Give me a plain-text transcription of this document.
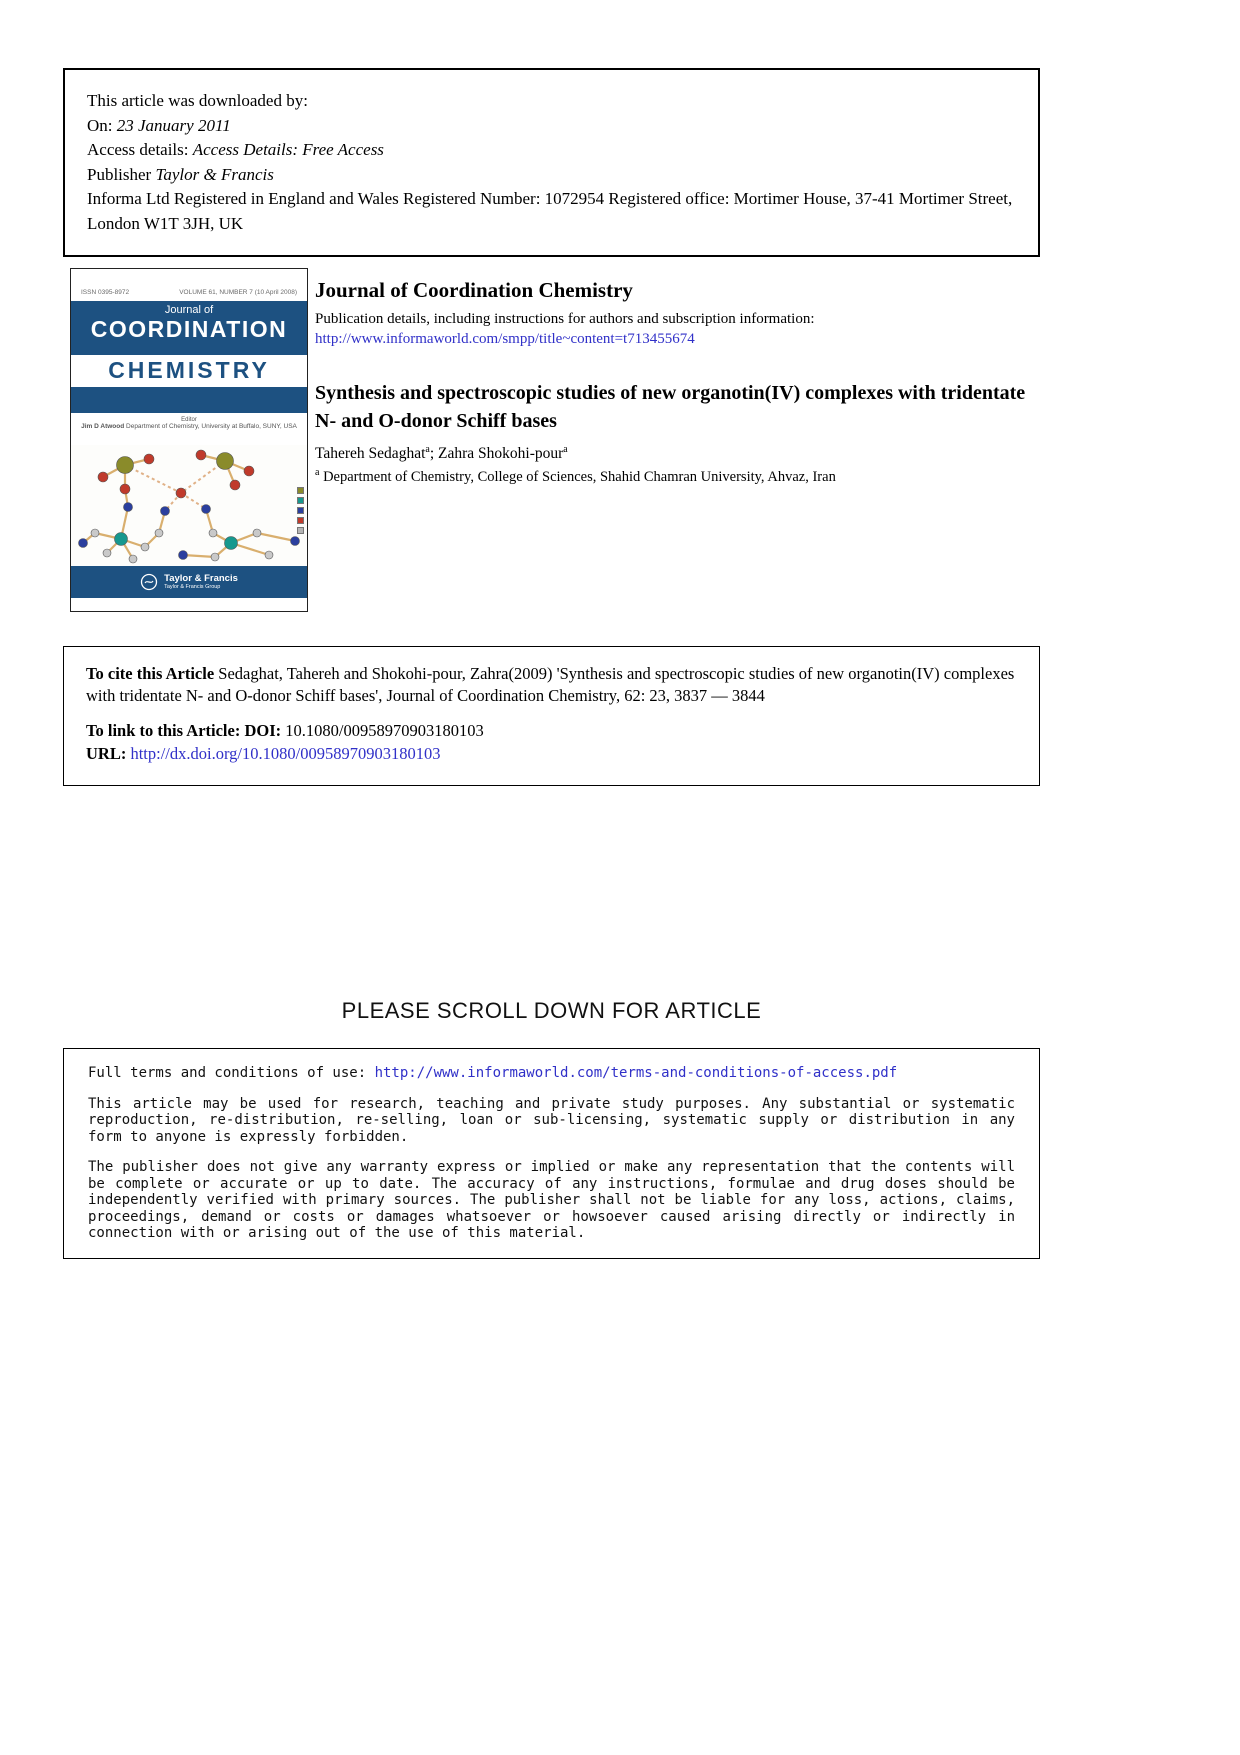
This article was downloaded by:

On: 23 January 2011

Access details: Access Details: Free Access

Publisher Taylor & Francis

Informa Ltd Registered in England and Wales Registered Number: 1072954 Registered office: Mortimer House, 37-41 Mortimer Street, London W1T 3JH, UK

ISSN 0395-8972	VOLUME 61, NUMBER 7 (10 April 2008)
Journal of
COORDINATION
CHEMISTRY
Editor
Jim D Atwood Department of Chemistry, University at Buffalo, SUNY, USA
Taylor & Francis
Taylor & Francis Group
Journal of Coordination Chemistry

Publication details, including instructions for authors and subscription information:

http://www.informaworld.com/smpp/title~content=t713455674
Synthesis and spectroscopic studies of new organotin(IV) complexes with tridentate N- and O-donor Schiff bases

Tahereh Sedaghat$^a$; Zahra Shokohi-pour$^a$

$^a$ Department of Chemistry, College of Sciences, Shahid Chamran University, Ahvaz, Iran

To cite this Article Sedaghat, Tahereh and Shokohi-pour, Zahra(2009) 'Synthesis and spectroscopic studies of new organotin(IV) complexes with tridentate N- and O-donor Schiff bases', Journal of Coordination Chemistry, 62: 23, 3837 — 3844

To link to this Article: DOI: 10.1080/00958970903180103

URL: http://dx.doi.org/10.1080/00958970903180103

PLEASE SCROLL DOWN FOR ARTICLE

Full terms and conditions of use: http://www.informaworld.com/terms-and-conditions-of-access.pdf

This article may be used for research, teaching and private study purposes. Any substantial or systematic reproduction, re-distribution, re-selling, loan or sub-licensing, systematic supply or distribution in any form to anyone is expressly forbidden.

The publisher does not give any warranty express or implied or make any representation that the contents will be complete or accurate or up to date. The accuracy of any instructions, formulae and drug doses should be independently verified with primary sources. The publisher shall not be liable for any loss, actions, claims, proceedings, demand or costs or damages whatsoever or howsoever caused arising directly or indirectly in connection with or arising out of the use of this material.
